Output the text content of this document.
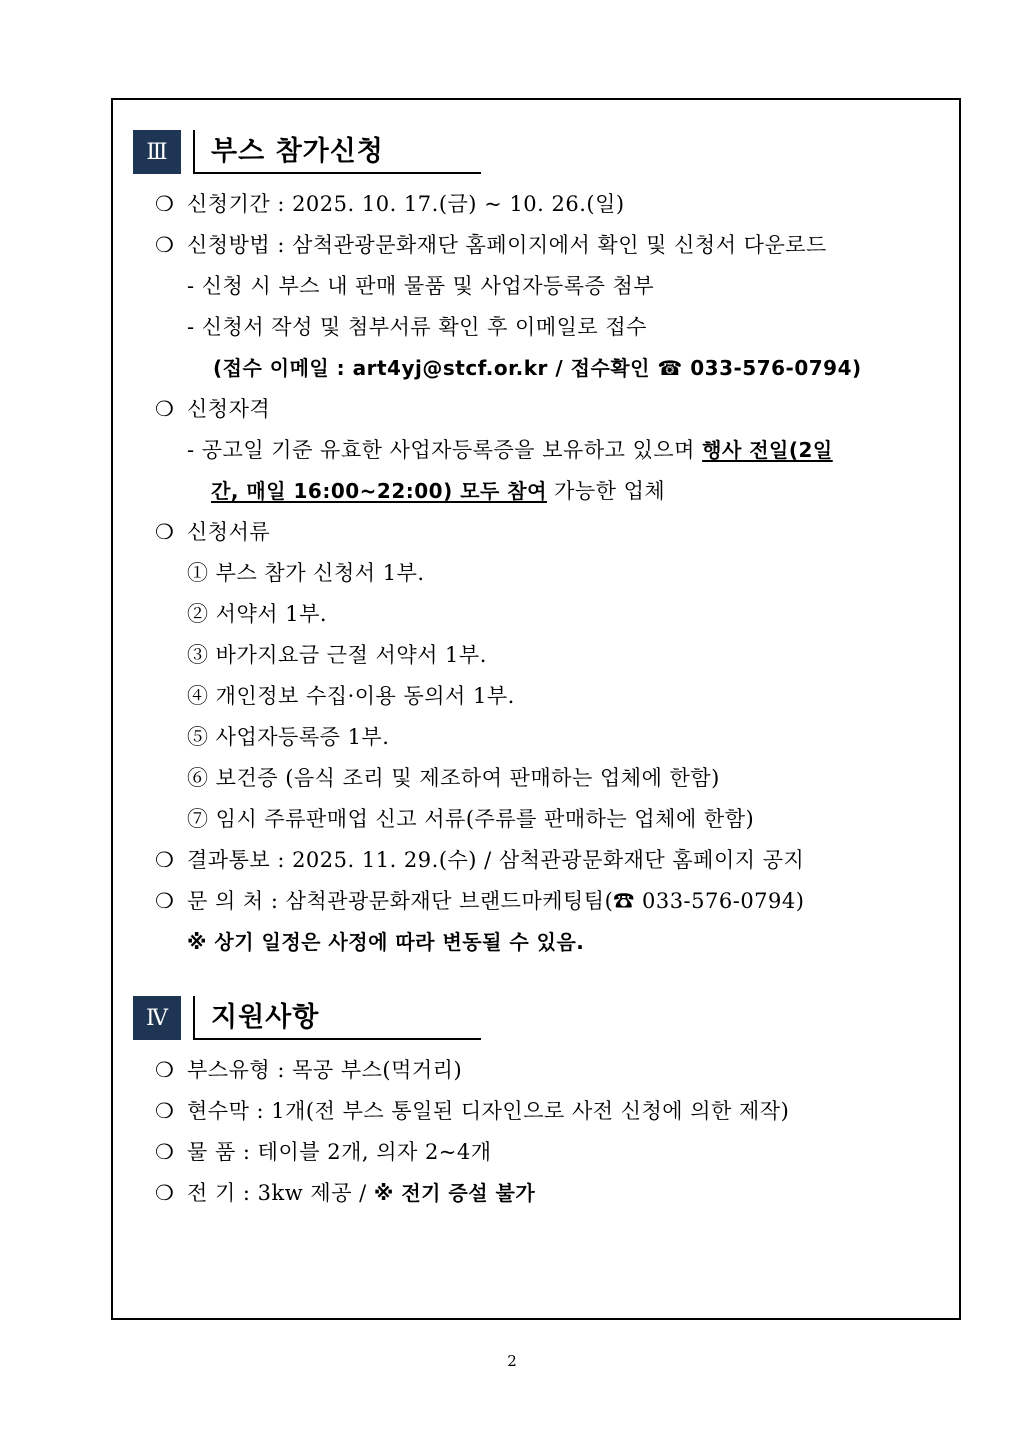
Ⅲ	부스 참가신청
❍ 신청기간 : 2025. 10. 17.(금) ~ 10. 26.(일)
❍ 신청방법 : 삼척관광문화재단 홈페이지에서 확인 및 신청서 다운로드
- 신청 시 부스 내 판매 물품 및 사업자등록증 첨부
- 신청서 작성 및 첨부서류 확인 후 이메일로 접수
(접수 이메일 : art4yj@stcf.or.kr / 접수확인 ☎ 033-576-0794)
❍ 신청자격
- 공고일 기준 유효한 사업자등록증을 보유하고 있으며 행사 전일(2일
간, 매일 16:00~22:00) 모두 참여 가능한 업체
❍ 신청서류
① 부스 참가 신청서 1부.
② 서약서 1부.
③ 바가지요금 근절 서약서 1부.
④ 개인정보 수집·이용 동의서 1부.
⑤ 사업자등록증 1부.
⑥ 보건증 (음식 조리 및 제조하여 판매하는 업체에 한함)
⑦ 임시 주류판매업 신고 서류(주류를 판매하는 업체에 한함)
❍ 결과통보 : 2025. 11. 29.(수) / 삼척관광문화재단 홈페이지 공지
❍ 문 의 처 : 삼척관광문화재단 브랜드마케팅팀(☎ 033-576-0794)
※ 상기 일정은 사정에 따라 변동될 수 있음.
Ⅳ	지원사항
❍ 부스유형 : 목공 부스(먹거리)
❍ 현수막 : 1개(전 부스 통일된 디자인으로 사전 신청에 의한 제작)
❍ 물 품 : 테이블 2개, 의자 2~4개
❍ 전 기 : 3kw 제공 / ※ 전기 증설 불가
2
